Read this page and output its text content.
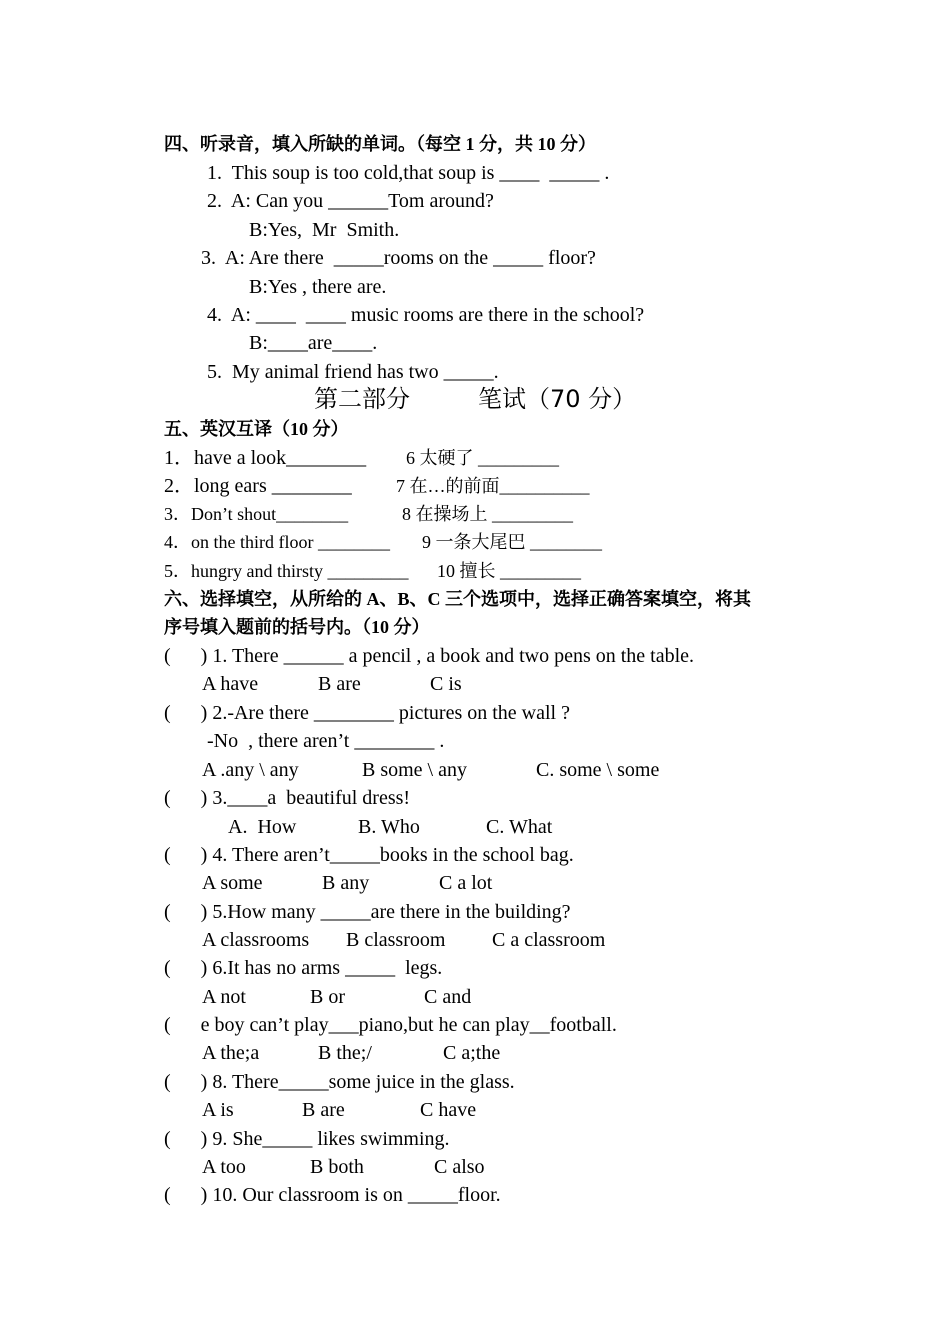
四、听录音，填入所缺的单词。（每空 1 分，共 10 分）
1.  This soup is too cold,that soup is ____  _____ .
2.  A: Can you ______Tom around?
B:Yes,  Mr  Smith.
3.  A: Are there  _____rooms on the _____ floor?
B:Yes , there are.
4.  A: ____  ____ music rooms are there in the school?
B:____are____.
5.  My animal friend has two _____.
第二部分	笔试（70 分）
五、英汉互译（10 分）
1．have a look________ 6 太硬了 _________
2．long ears ________ 7 在…的前面__________
3．Don’t shout________	8 在操场上 _________
4．on the third floor ________ 9 一条大尾巴 ________
5．hungry and thirsty _________ 10 擅长 _________
六、选择填空，从所给的 A、B、C 三个选项中，选择正确答案填空，将其
序号填入题前的括号内。（10 分）
(      ) 1. There ______ a pencil , a book and two pens on the table.
A have	B are	C is
(      ) 2.-Are there ________ pictures on the wall ?
-No  , there aren’t ________ .
A .any \ any	B some \ any	C. some \ some
(      ) 3.____a  beautiful dress!
A.  How	B. Who	C. What
(      ) 4. There aren’t_____books in the school bag.
A some	B any	C a lot
(      ) 5.How many _____are there in the building?
A classrooms B classroom C a classroom
(      ) 6.It has no arms _____  legs.
A not	B or	C and
(      e boy can’t play___piano,but he can play__football.
A the;a	B the;/	C a;the
(      ) 8. There_____some juice in the glass.
A is	B are	C have
(      ) 9. She_____ likes swimming.
A too	B both	C also
(      ) 10. Our classroom is on _____floor.
